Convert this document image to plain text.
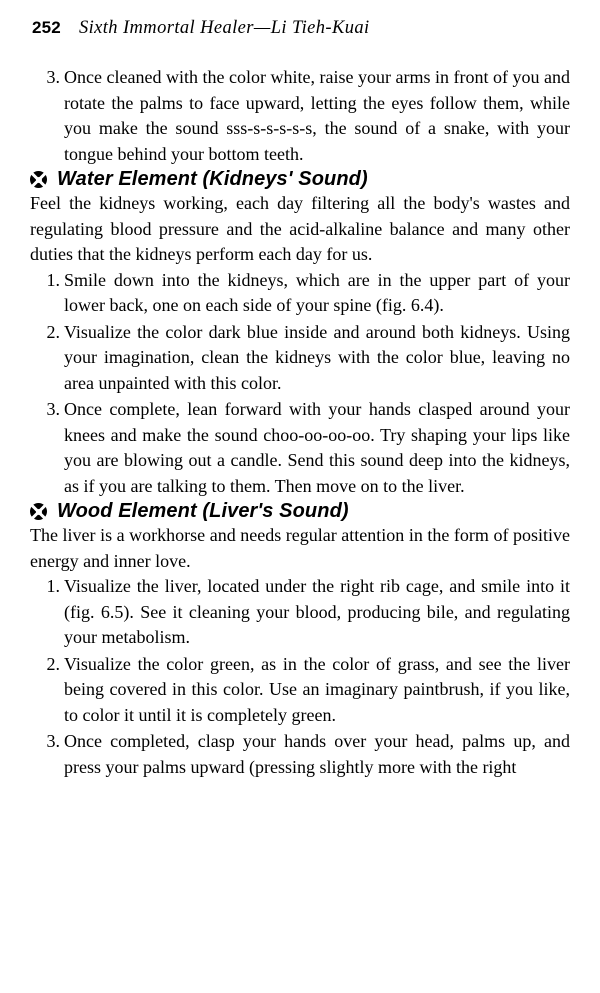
252 Sixth Immortal Healer—Li Tieh-Kuai
3. Once cleaned with the color white, raise your arms in front of you and rotate the palms to face upward, letting the eyes follow them, while you make the sound sss-s-s-s-s-s, the sound of a snake, with your tongue behind your bottom teeth.
Water Element (Kidneys' Sound)

Feel the kidneys working, each day filtering all the body's wastes and regulating blood pressure and the acid-alkaline balance and many other duties that the kidneys perform each day for us.

1. Smile down into the kidneys, which are in the upper part of your lower back, one on each side of your spine (fig. 6.4).
2. Visualize the color dark blue inside and around both kidneys. Using your imagination, clean the kidneys with the color blue, leaving no area unpainted with this color.
3. Once complete, lean forward with your hands clasped around your knees and make the sound choo-oo-oo-oo. Try shaping your lips like you are blowing out a candle. Send this sound deep into the kidneys, as if you are talking to them. Then move on to the liver.
Wood Element (Liver's Sound)

The liver is a workhorse and needs regular attention in the form of positive energy and inner love.

1. Visualize the liver, located under the right rib cage, and smile into it (fig. 6.5). See it cleaning your blood, producing bile, and regulating your metabolism.
2. Visualize the color green, as in the color of grass, and see the liver being covered in this color. Use an imaginary paintbrush, if you like, to color it until it is completely green.
3. Once completed, clasp your hands over your head, palms up, and press your palms upward (pressing slightly more with the right
